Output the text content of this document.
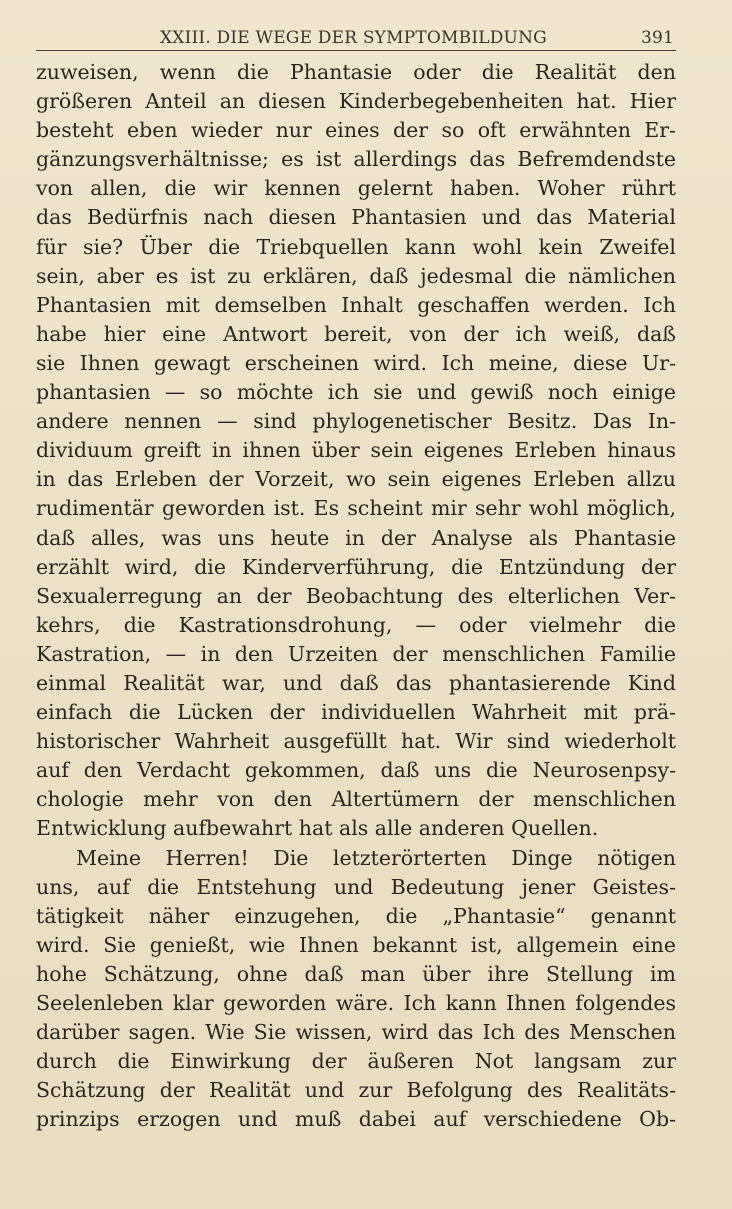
XXIII. DIE WEGE DER SYMPTOMBILDUNG	391
zuweisen, wenn die Phantasie oder die Realität den
größeren Anteil an diesen Kinderbegebenheiten hat. Hier
besteht eben wieder nur eines der so oft erwähnten Er-
gänzungsverhältnisse; es ist allerdings das Befremdendste
von allen, die wir kennen gelernt haben. Woher rührt
das Bedürfnis nach diesen Phantasien und das Material
für sie? Über die Triebquellen kann wohl kein Zweifel
sein, aber es ist zu erklären, daß jedesmal die nämlichen
Phantasien mit demselben Inhalt geschaffen werden. Ich
habe hier eine Antwort bereit, von der ich weiß, daß
sie Ihnen gewagt erscheinen wird. Ich meine, diese Ur-
phantasien — so möchte ich sie und gewiß noch einige
andere nennen — sind phylogenetischer Besitz. Das In-
dividuum greift in ihnen über sein eigenes Erleben hinaus
in das Erleben der Vorzeit, wo sein eigenes Erleben allzu
rudimentär geworden ist. Es scheint mir sehr wohl möglich,
daß alles, was uns heute in der Analyse als Phantasie
erzählt wird, die Kinderverführung, die Entzündung der
Sexualerregung an der Beobachtung des elterlichen Ver-
kehrs, die Kastrationsdrohung, — oder vielmehr die
Kastration, — in den Urzeiten der menschlichen Familie
einmal Realität war, und daß das phantasierende Kind
einfach die Lücken der individuellen Wahrheit mit prä-
historischer Wahrheit ausgefüllt hat. Wir sind wiederholt
auf den Verdacht gekommen, daß uns die Neurosenpsy-
chologie mehr von den Altertümern der menschlichen
Entwicklung aufbewahrt hat als alle anderen Quellen.
Meine Herren! Die letzterörterten Dinge nötigen
uns, auf die Entstehung und Bedeutung jener Geistes-
tätigkeit näher einzugehen, die „Phantasie“ genannt
wird. Sie genießt, wie Ihnen bekannt ist, allgemein eine
hohe Schätzung, ohne daß man über ihre Stellung im
Seelenleben klar geworden wäre. Ich kann Ihnen folgendes
darüber sagen. Wie Sie wissen, wird das Ich des Menschen
durch die Einwirkung der äußeren Not langsam zur
Schätzung der Realität und zur Befolgung des Realitäts-
prinzips erzogen und muß dabei auf verschiedene Ob-
